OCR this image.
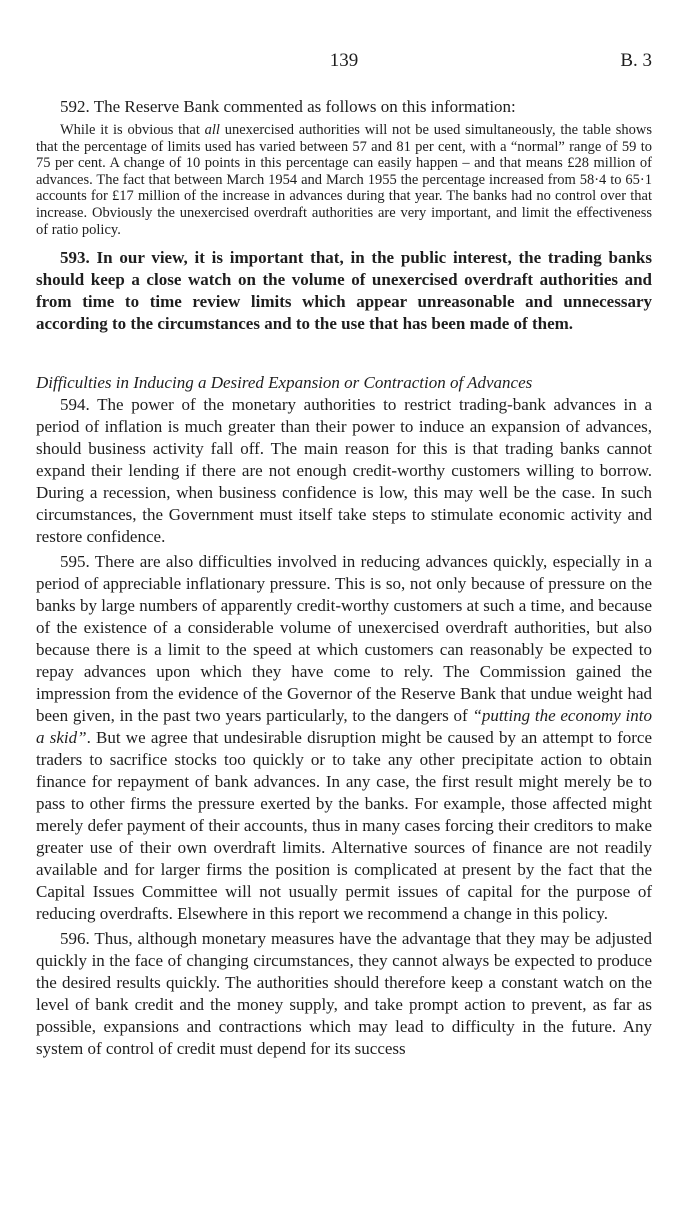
139	B. 3

592. The Reserve Bank commented as follows on this information:

While it is obvious that all unexercised authorities will not be used simultaneously, the table shows that the percentage of limits used has varied between 57 and 81 per cent, with a “normal” range of 59 to 75 per cent. A change of 10 points in this percentage can easily happen – and that means £28 million of advances. The fact that between March 1954 and March 1955 the percentage increased from 58·4 to 65·1 accounts for £17 million of the increase in advances during that year. The banks had no control over that increase. Obviously the unexercised overdraft authorities are very important, and limit the effectiveness of ratio policy.

593. In our view, it is important that, in the public interest, the trading banks should keep a close watch on the volume of unexercised overdraft authorities and from time to time review limits which appear unreasonable and unnecessary according to the circumstances and to the use that has been made of them.

Difficulties in Inducing a Desired Expansion or Contraction of Advances

594. The power of the monetary authorities to restrict trading-bank advances in a period of inflation is much greater than their power to induce an expansion of advances, should business activity fall off. The main reason for this is that trading banks cannot expand their lending if there are not enough credit-worthy customers willing to borrow. During a recession, when business confidence is low, this may well be the case. In such circumstances, the Government must itself take steps to stimulate economic activity and restore confidence.

595. There are also difficulties involved in reducing advances quickly, especially in a period of appreciable inflationary pressure. This is so, not only because of pressure on the banks by large numbers of apparently credit-worthy customers at such a time, and because of the existence of a considerable volume of unexercised overdraft authorities, but also because there is a limit to the speed at which customers can reasonably be expected to repay advances upon which they have come to rely. The Commission gained the impression from the evidence of the Governor of the Reserve Bank that undue weight had been given, in the past two years particularly, to the dangers of “putting the economy into a skid”. But we agree that undesirable disruption might be caused by an attempt to force traders to sacrifice stocks too quickly or to take any other precipitate action to obtain finance for repayment of bank advances. In any case, the first result might merely be to pass to other firms the pressure exerted by the banks. For example, those affected might merely defer payment of their accounts, thus in many cases forcing their creditors to make greater use of their own overdraft limits. Alternative sources of finance are not readily available and for larger firms the position is complicated at present by the fact that the Capital Issues Committee will not usually permit issues of capital for the purpose of reducing overdrafts. Elsewhere in this report we recommend a change in this policy.

596. Thus, although monetary measures have the advantage that they may be adjusted quickly in the face of changing circumstances, they cannot always be expected to produce the desired results quickly. The authorities should therefore keep a constant watch on the level of bank credit and the money supply, and take prompt action to prevent, as far as possible, expansions and contractions which may lead to difficulty in the future. Any system of control of credit must depend for its success
